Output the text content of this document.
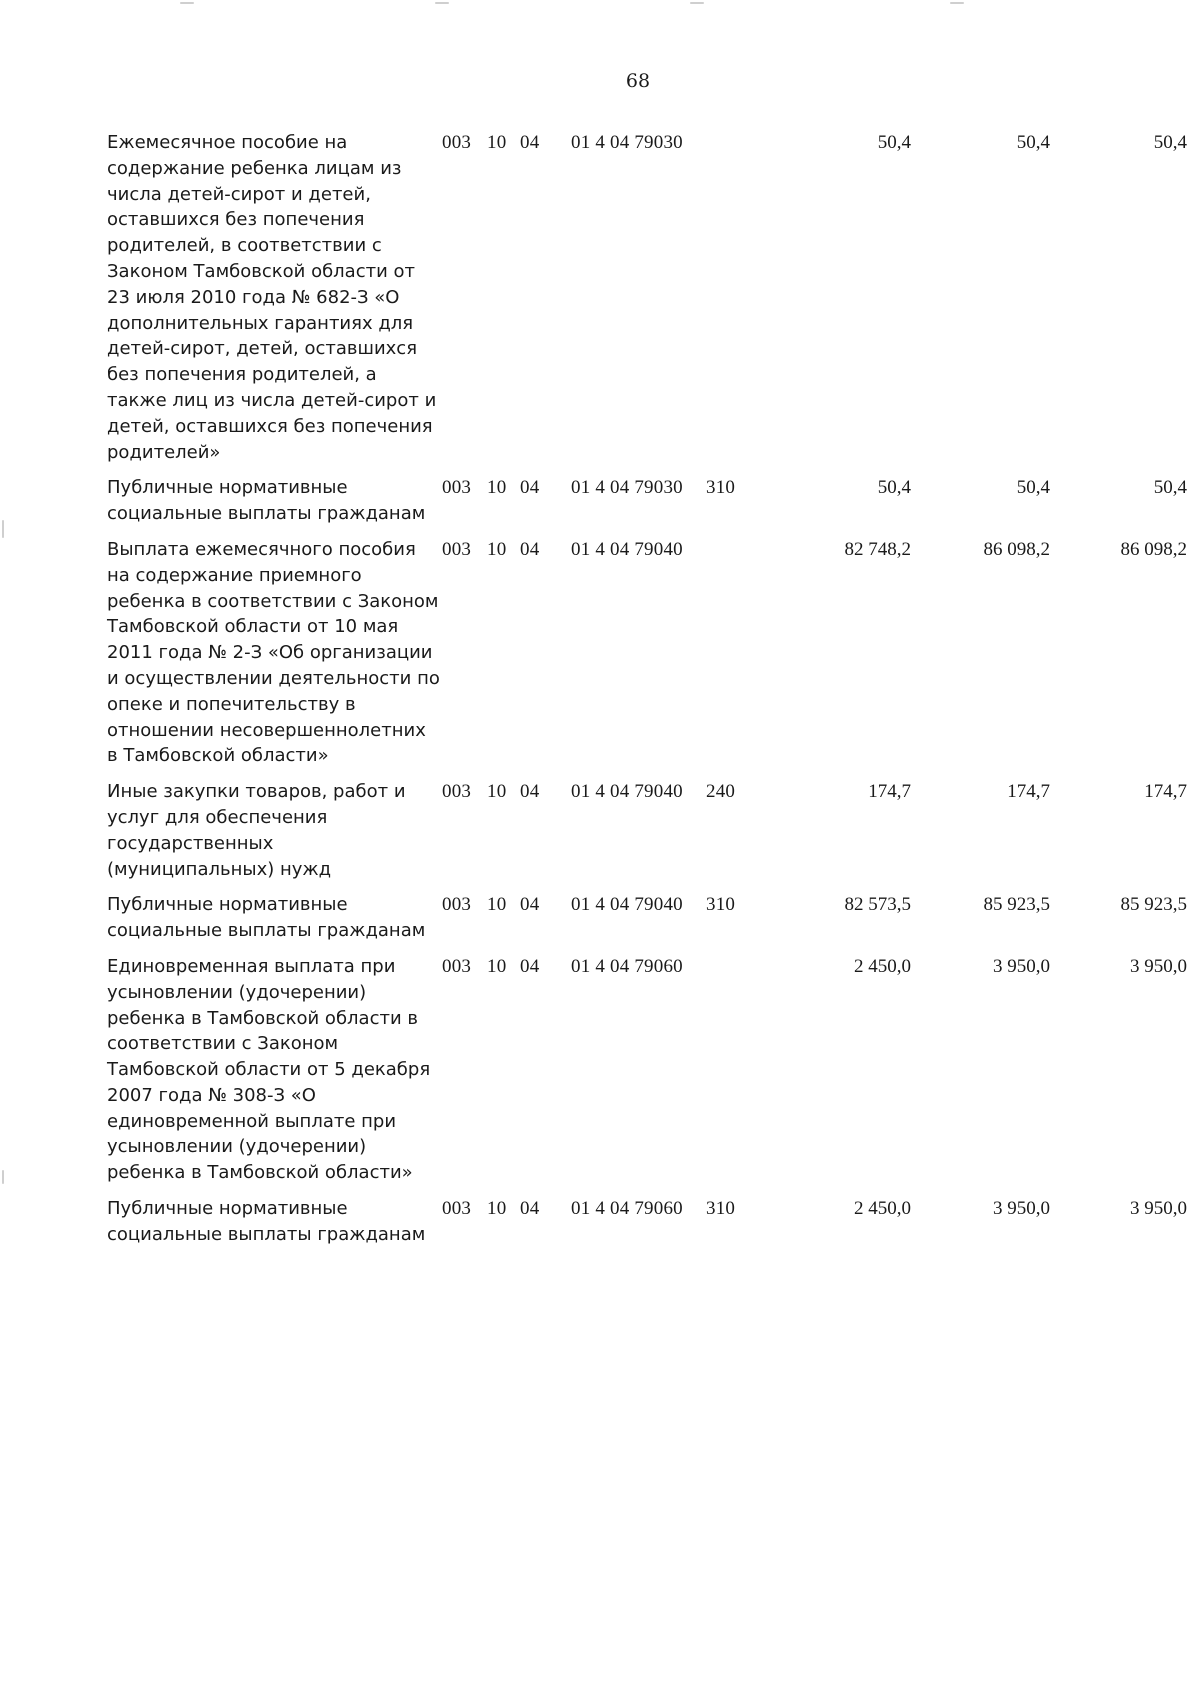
68
Ежемесячное пособие на содержание ребенка лицам из числа детей-сирот и детей, оставшихся без попечения родителей, в соответствии с Законом Тамбовской области от 23 июля 2010 года № 682-З «О дополнительных гарантиях для детей-сирот, детей, оставшихся без попечения родителей, а также лиц из числа детей-сирот и детей, оставшихся без попечения родителей»	003	10	04	01 4 04 79030		50,4	50,4	50,4
Публичные нормативные социальные выплаты гражданам	003	10	04	01 4 04 79030	310	50,4	50,4	50,4
Выплата ежемесячного пособия на содержание приемного ребенка в соответствии с Законом Тамбовской области от 10 мая 2011 года № 2-З «Об организации и осуществлении деятельности по опеке и попечительству в отношении несовершеннолетних в Тамбовской области»	003	10	04	01 4 04 79040		82 748,2	86 098,2	86 098,2
Иные закупки товаров, работ и услуг для обеспечения государственных (муниципальных) нужд	003	10	04	01 4 04 79040	240	174,7	174,7	174,7
Публичные нормативные социальные выплаты гражданам	003	10	04	01 4 04 79040	310	82 573,5	85 923,5	85 923,5
Единовременная выплата при усыновлении (удочерении) ребенка в Тамбовской области в соответствии с Законом Тамбовской области от 5 декабря 2007 года № 308-З «О единовременной выплате при усыновлении (удочерении) ребенка в Тамбовской области»	003	10	04	01 4 04 79060		2 450,0	3 950,0	3 950,0
Публичные нормативные социальные выплаты гражданам	003	10	04	01 4 04 79060	310	2 450,0	3 950,0	3 950,0
